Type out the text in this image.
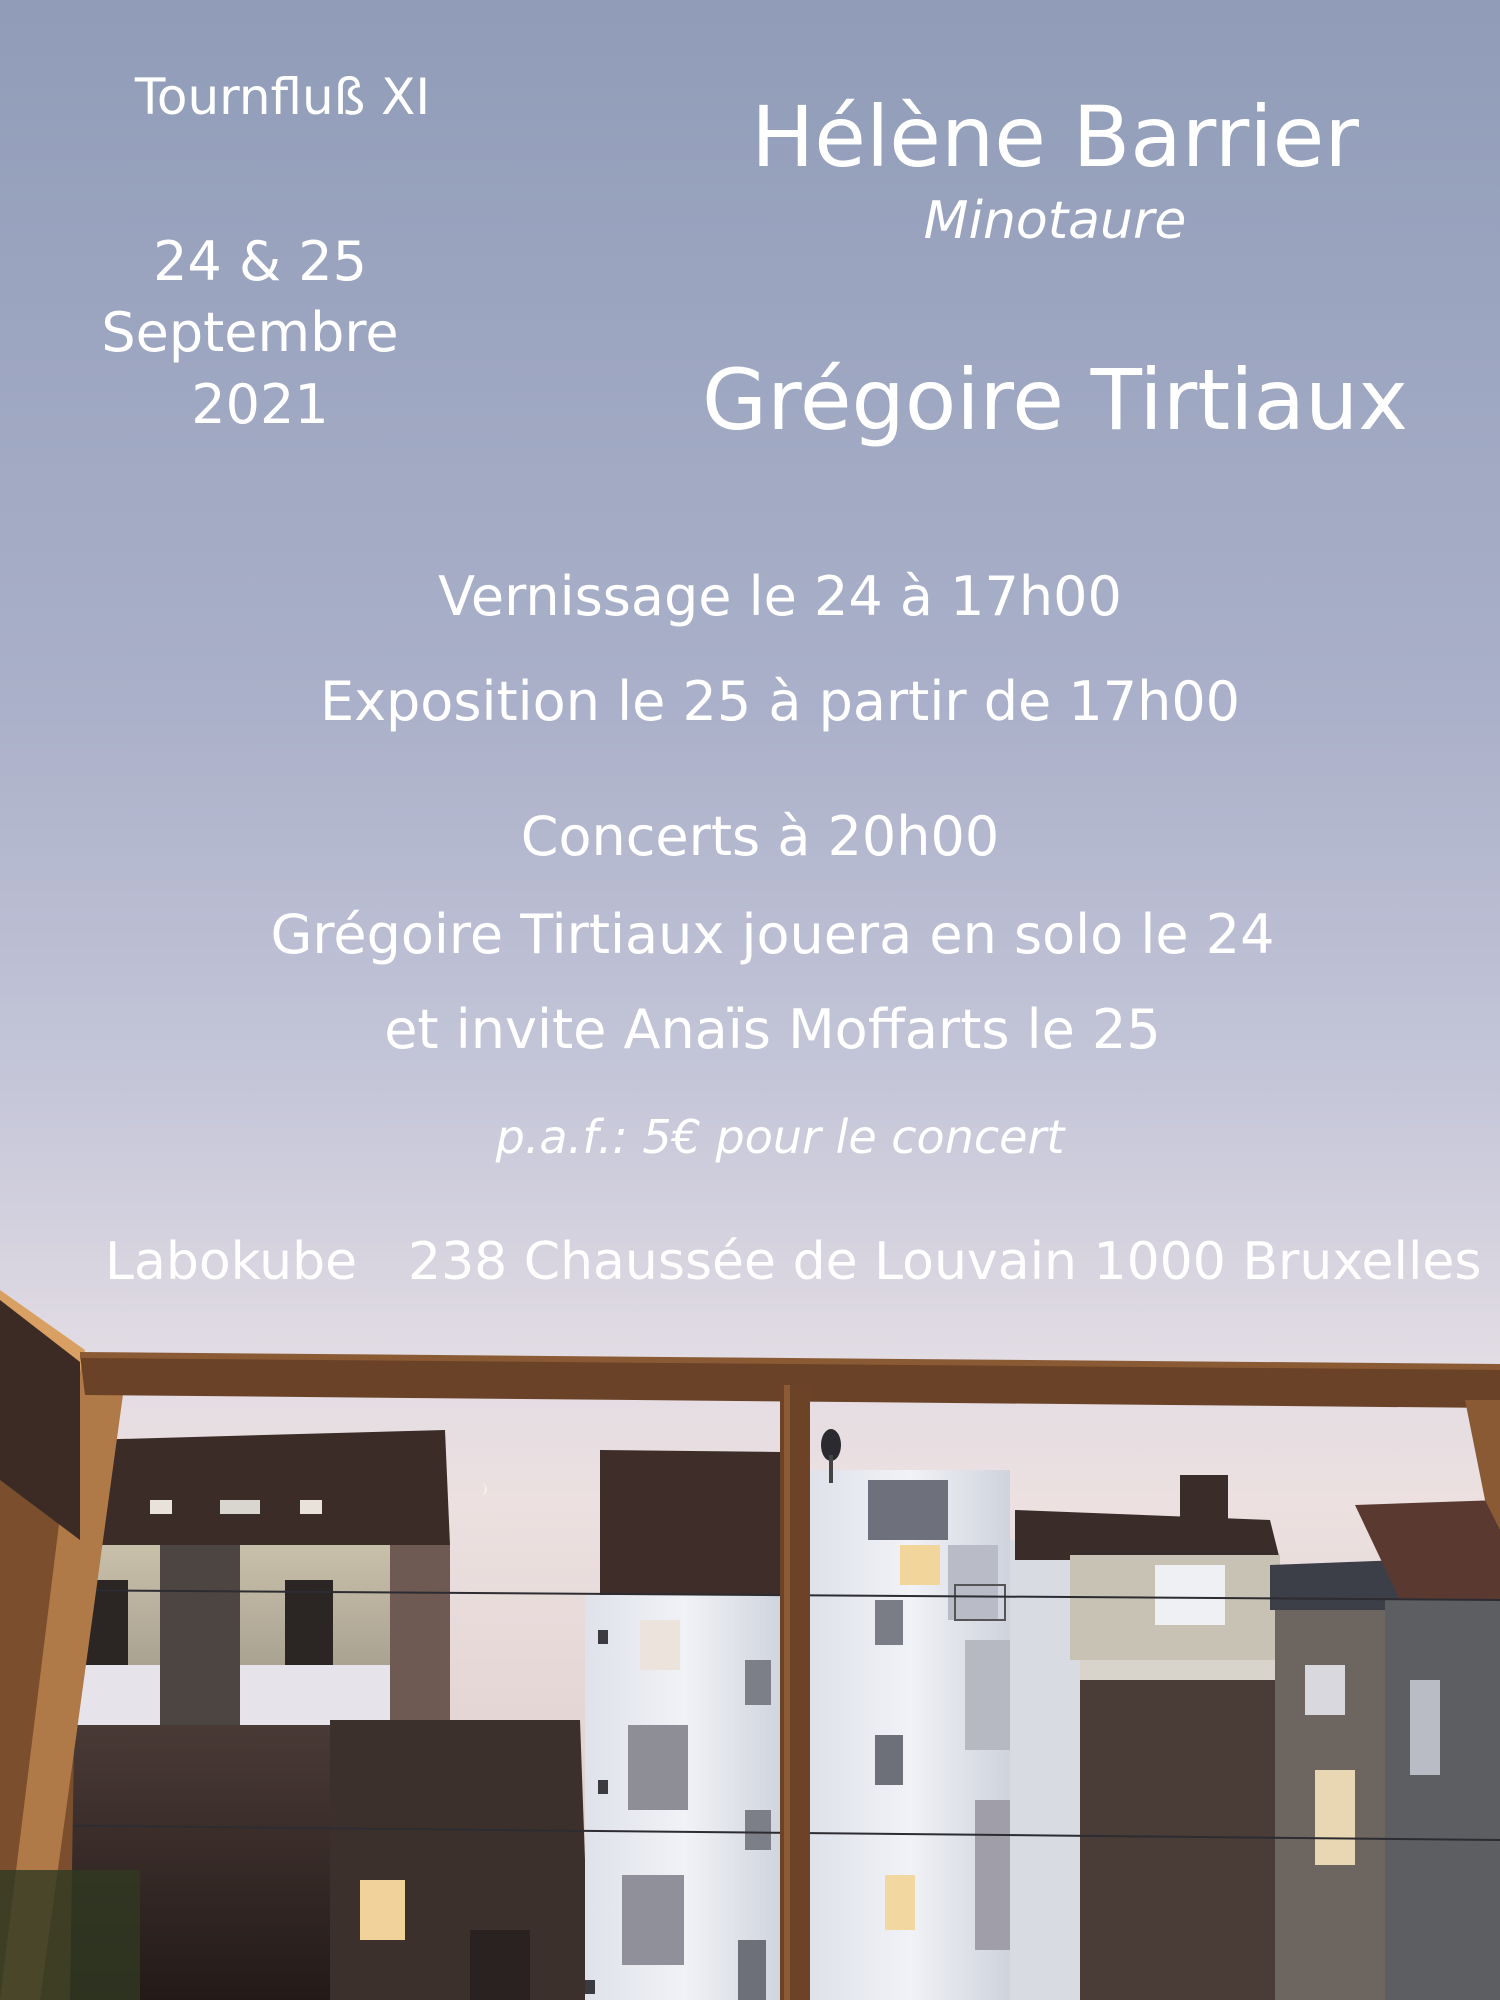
Tournfluß XI
24 & 25
Septembre
2021
Hélène Barrier
Minotaure
Grégoire Tirtiaux
Vernissage le 24 à 17h00
Exposition le 25 à partir de 17h00
Concerts à 20h00
Grégoire Tirtiaux jouera en solo le 24
et invite Anaïs Moffarts le 25
p.a.f.: 5€ pour le concert
Labokube 238 Chaussée de Louvain 1000 Bruxelles
